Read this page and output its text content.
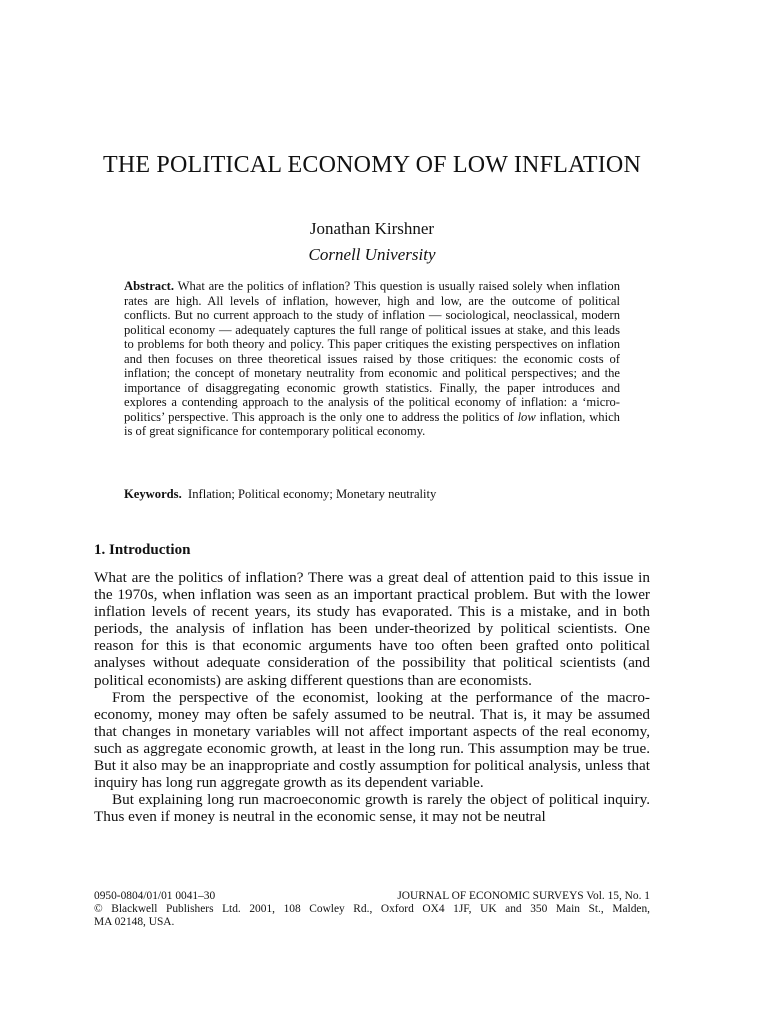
THE POLITICAL ECONOMY OF LOW INFLATION
Jonathan Kirshner
Cornell University

Abstract. What are the politics of inflation? This question is usually raised solely when inflation rates are high. All levels of inflation, however, high and low, are the outcome of political conflicts. But no current approach to the study of inflation — sociological, neoclassical, modern political economy — adequately captures the full range of political issues at stake, and this leads to problems for both theory and policy. This paper critiques the existing perspectives on inflation and then focuses on three theoretical issues raised by those critiques: the economic costs of inflation; the concept of monetary neutrality from economic and political perspectives; and the importance of disaggregating economic growth statistics. Finally, the paper introduces and explores a contending approach to the analysis of the political economy of inflation: a ‘micro-politics’ perspective. This approach is the only one to address the politics of low inflation, which is of great significance for contemporary political economy.

Keywords. Inflation; Political economy; Monetary neutrality

1. Introduction

What are the politics of inflation? There was a great deal of attention paid to this issue in the 1970s, when inflation was seen as an important practical problem. But with the lower inflation levels of recent years, its study has evaporated. This is a mistake, and in both periods, the analysis of inflation has been under-theorized by political scientists. One reason for this is that economic arguments have too often been grafted onto political analyses without adequate consideration of the possibility that political scientists (and political economists) are asking different questions than are economists.

From the perspective of the economist, looking at the performance of the macro-economy, money may often be safely assumed to be neutral. That is, it may be assumed that changes in monetary variables will not affect important aspects of the real economy, such as aggregate economic growth, at least in the long run. This assumption may be true. But it also may be an inappropriate and costly assumption for political analysis, unless that inquiry has long run aggregate growth as its dependent variable.

But explaining long run macroeconomic growth is rarely the object of political inquiry. Thus even if money is neutral in the economic sense, it may not be neutral

0950-0804/01/01 0041–30	JOURNAL OF ECONOMIC SURVEYS Vol. 15, No. 1
© Blackwell Publishers Ltd. 2001, 108 Cowley Rd., Oxford OX4 1JF, UK and 350 Main St., Malden,
MA 02148, USA.
